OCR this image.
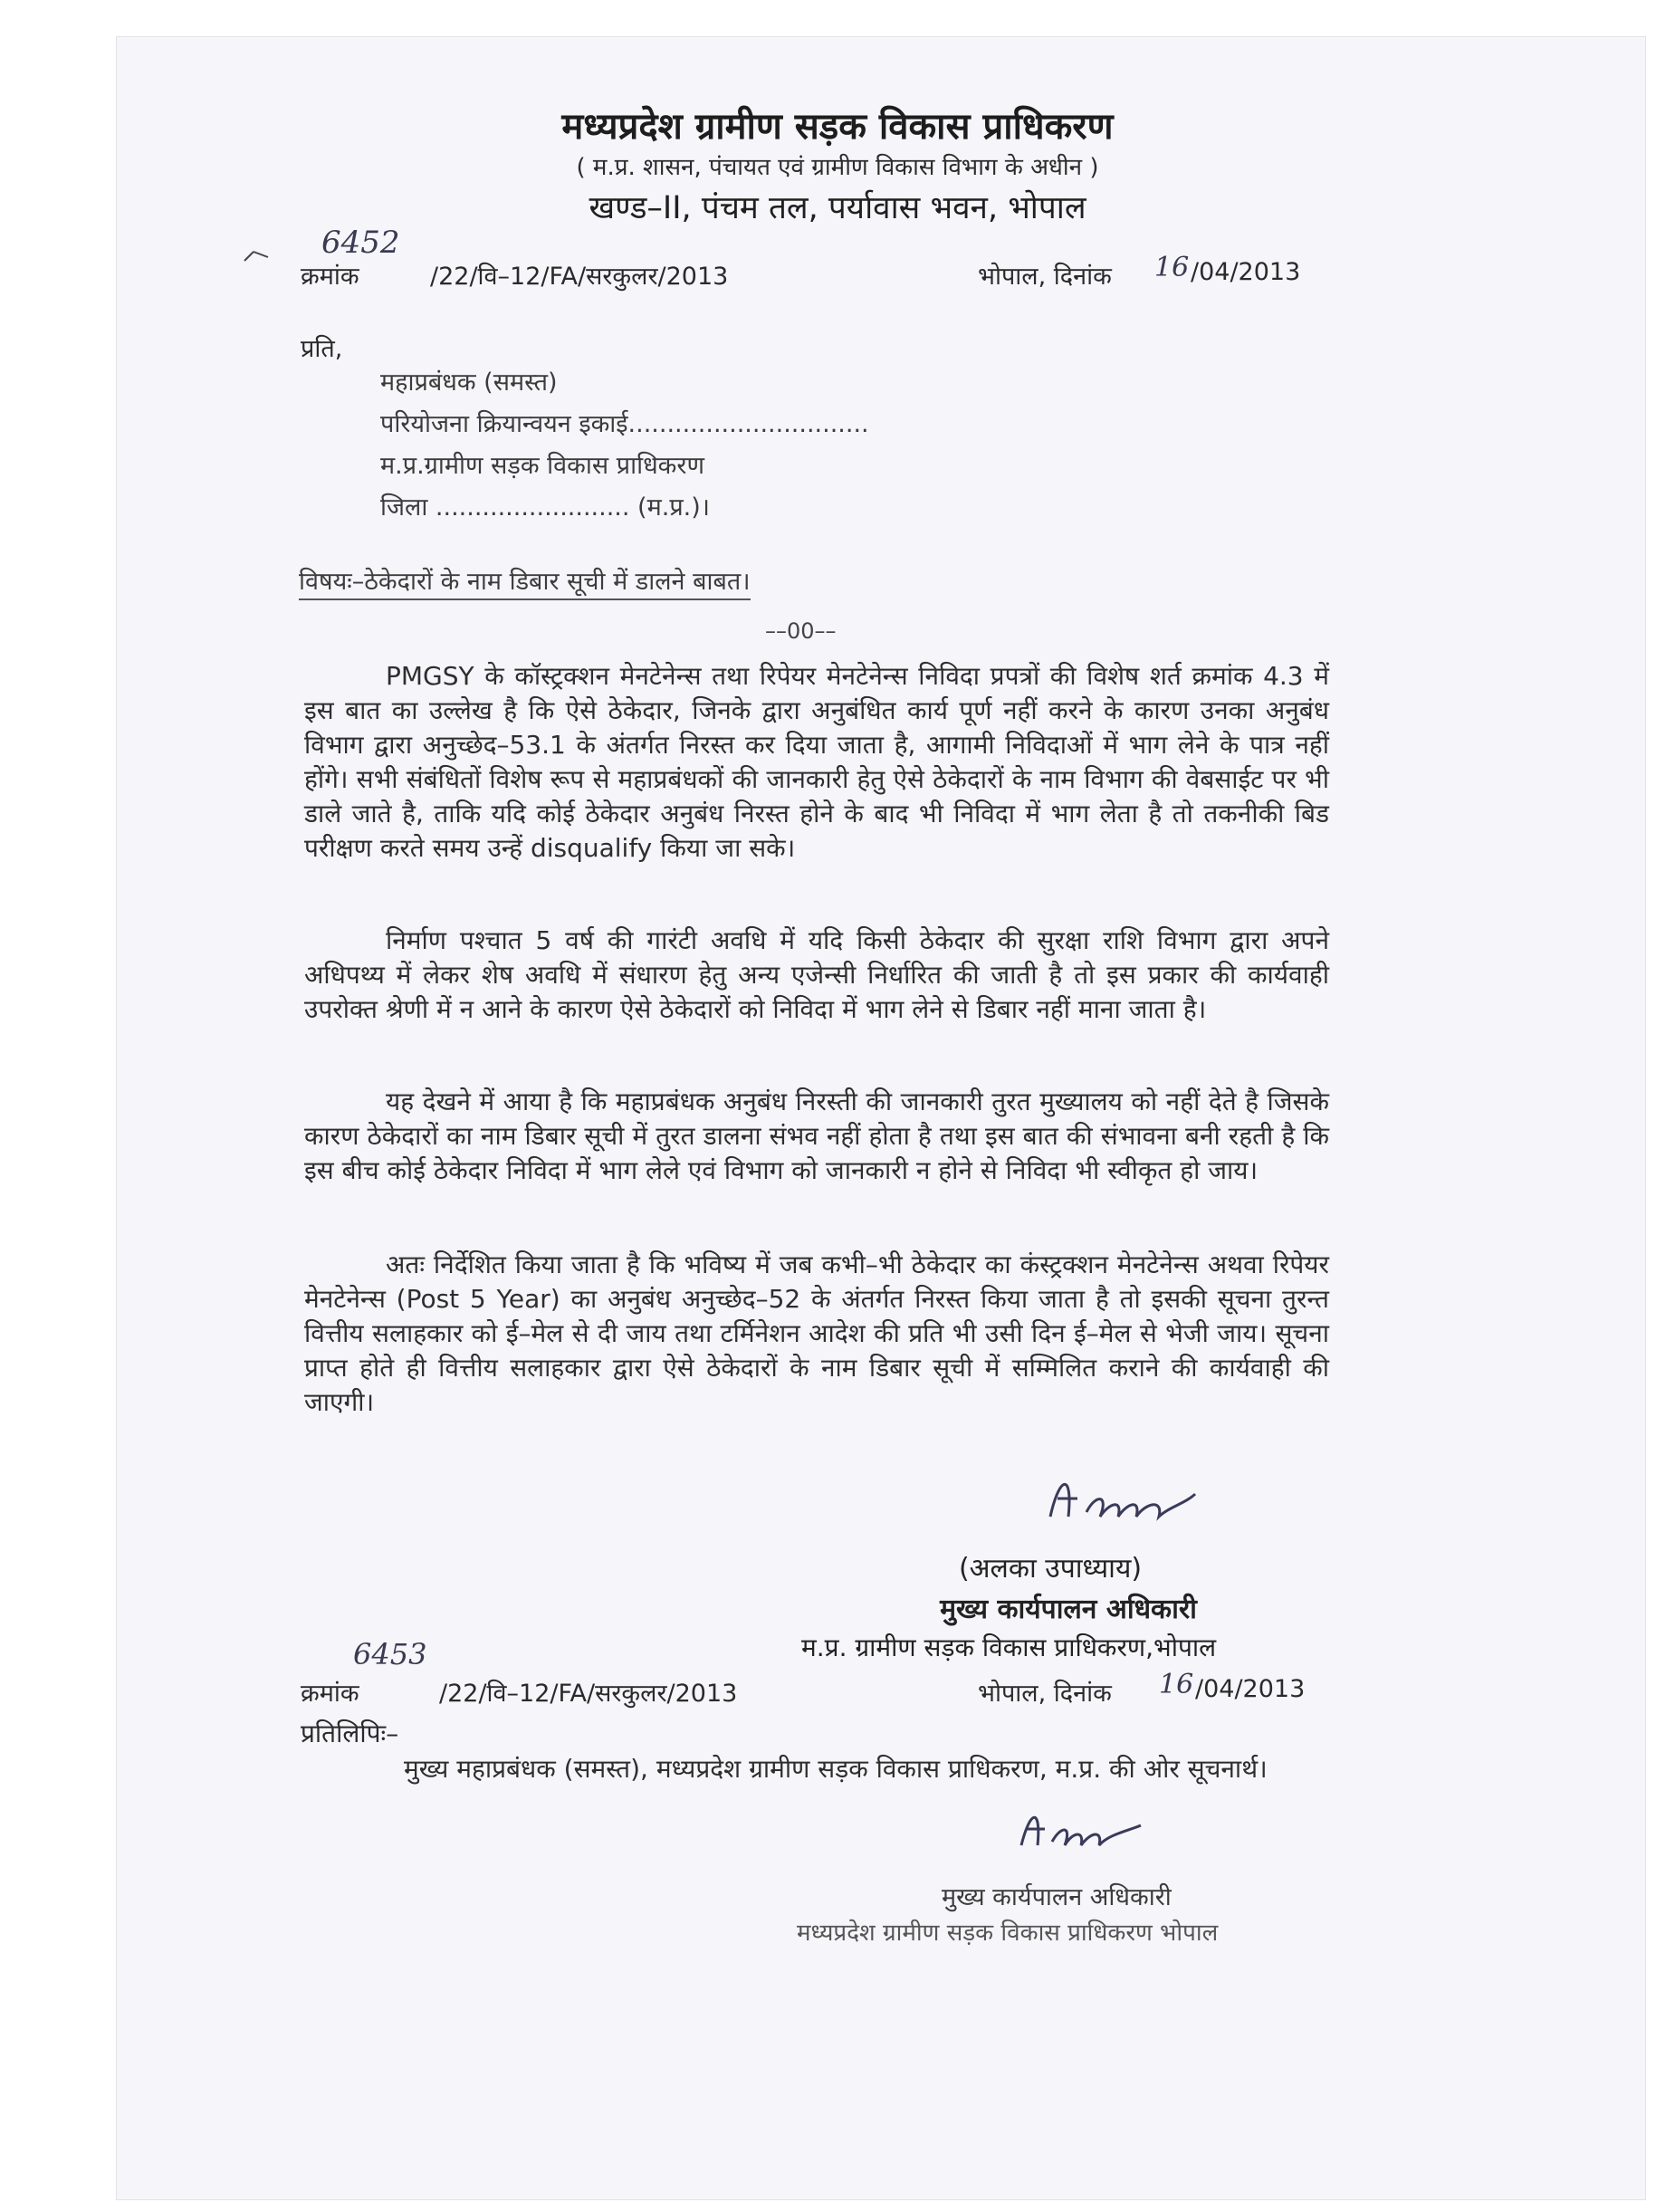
मध्यप्रदेश ग्रामीण सड़क विकास प्राधिकरण
( म.प्र. शासन, पंचायत एवं ग्रामीण विकास विभाग के अधीन )
खण्ड–II, पंचम तल, पर्यावास भवन, भोपाल
6452
क्रमांक	/22/वि–12/FA/सरकुलर/2013	भोपाल, दिनांक 16 /04/2013
प्रति,
महाप्रबंधक (समस्त)
परियोजना क्रियान्वयन इकाई...............................
म.प्र.ग्रामीण सड़क विकास प्राधिकरण
जिला ......................... (म.प्र.)।
विषयः–ठेकेदारों के नाम डिबार सूची में डालने बाबत।
––00––
PMGSY के कॉस्ट्रक्शन मेनटेनेन्स तथा रिपेयर मेनटेनेन्स निविदा प्रपत्रों की विशेष शर्त क्रमांक 4.3 में इस बात का उल्लेख है कि ऐसे ठेकेदार, जिनके द्वारा अनुबंधित कार्य पूर्ण नहीं करने के कारण उनका अनुबंध विभाग द्वारा अनुच्छेद–53.1 के अंतर्गत निरस्त कर दिया जाता है, आगामी निविदाओं में भाग लेने के पात्र नहीं होंगे। सभी संबंधितों विशेष रूप से महाप्रबंधकों की जानकारी हेतु ऐसे ठेकेदारों के नाम विभाग की वेबसाईट पर भी डाले जाते है, ताकि यदि कोई ठेकेदार अनुबंध निरस्त होने के बाद भी निविदा में भाग लेता है तो तकनीकी बिड परीक्षण करते समय उन्हें disqualify किया जा सके।
निर्माण पश्चात 5 वर्ष की गारंटी अवधि में यदि किसी ठेकेदार की सुरक्षा राशि विभाग द्वारा अपने अधिपथ्य में लेकर शेष अवधि में संधारण हेतु अन्य एजेन्सी निर्धारित की जाती है तो इस प्रकार की कार्यवाही उपरोक्त श्रेणी में न आने के कारण ऐसे ठेकेदारों को निविदा में भाग लेने से डिबार नहीं माना जाता है।
यह देखने में आया है कि महाप्रबंधक अनुबंध निरस्ती की जानकारी तुरत मुख्यालय को नहीं देते है जिसके कारण ठेकेदारों का नाम डिबार सूची में तुरत डालना संभव नहीं होता है तथा इस बात की संभावना बनी रहती है कि इस बीच कोई ठेकेदार निविदा में भाग लेले एवं विभाग को जानकारी न होने से निविदा भी स्वीकृत हो जाय।
अतः निर्देशित किया जाता है कि भविष्य में जब कभी–भी ठेकेदार का कंस्ट्रक्शन मेनटेनेन्स अथवा रिपेयर मेनटेनेन्स (Post 5 Year) का अनुबंध अनुच्छेद–52 के अंतर्गत निरस्त किया जाता है तो इसकी सूचना तुरन्त वित्तीय सलाहकार को ई–मेल से दी जाय तथा टर्मिनेशन आदेश की प्रति भी उसी दिन ई–मेल से भेजी जाय। सूचना प्राप्त होते ही वित्तीय सलाहकार द्वारा ऐसे ठेकेदारों के नाम डिबार सूची में सम्मिलित कराने की कार्यवाही की जाएगी।
(अलका उपाध्याय)
मुख्य कार्यपालन अधिकारी
म.प्र. ग्रामीण सड़क विकास प्राधिकरण,भोपाल
6453
क्रमांक	/22/वि–12/FA/सरकुलर/2013	भोपाल, दिनांक 16 /04/2013
प्रतिलिपिः–
मुख्य महाप्रबंधक (समस्त), मध्यप्रदेश ग्रामीण सड़क विकास प्राधिकरण, म.प्र. की ओर सूचनार्थ।
मुख्य कार्यपालन अधिकारी
मध्यप्रदेश ग्रामीण सड़क विकास प्राधिकरण भोपाल
